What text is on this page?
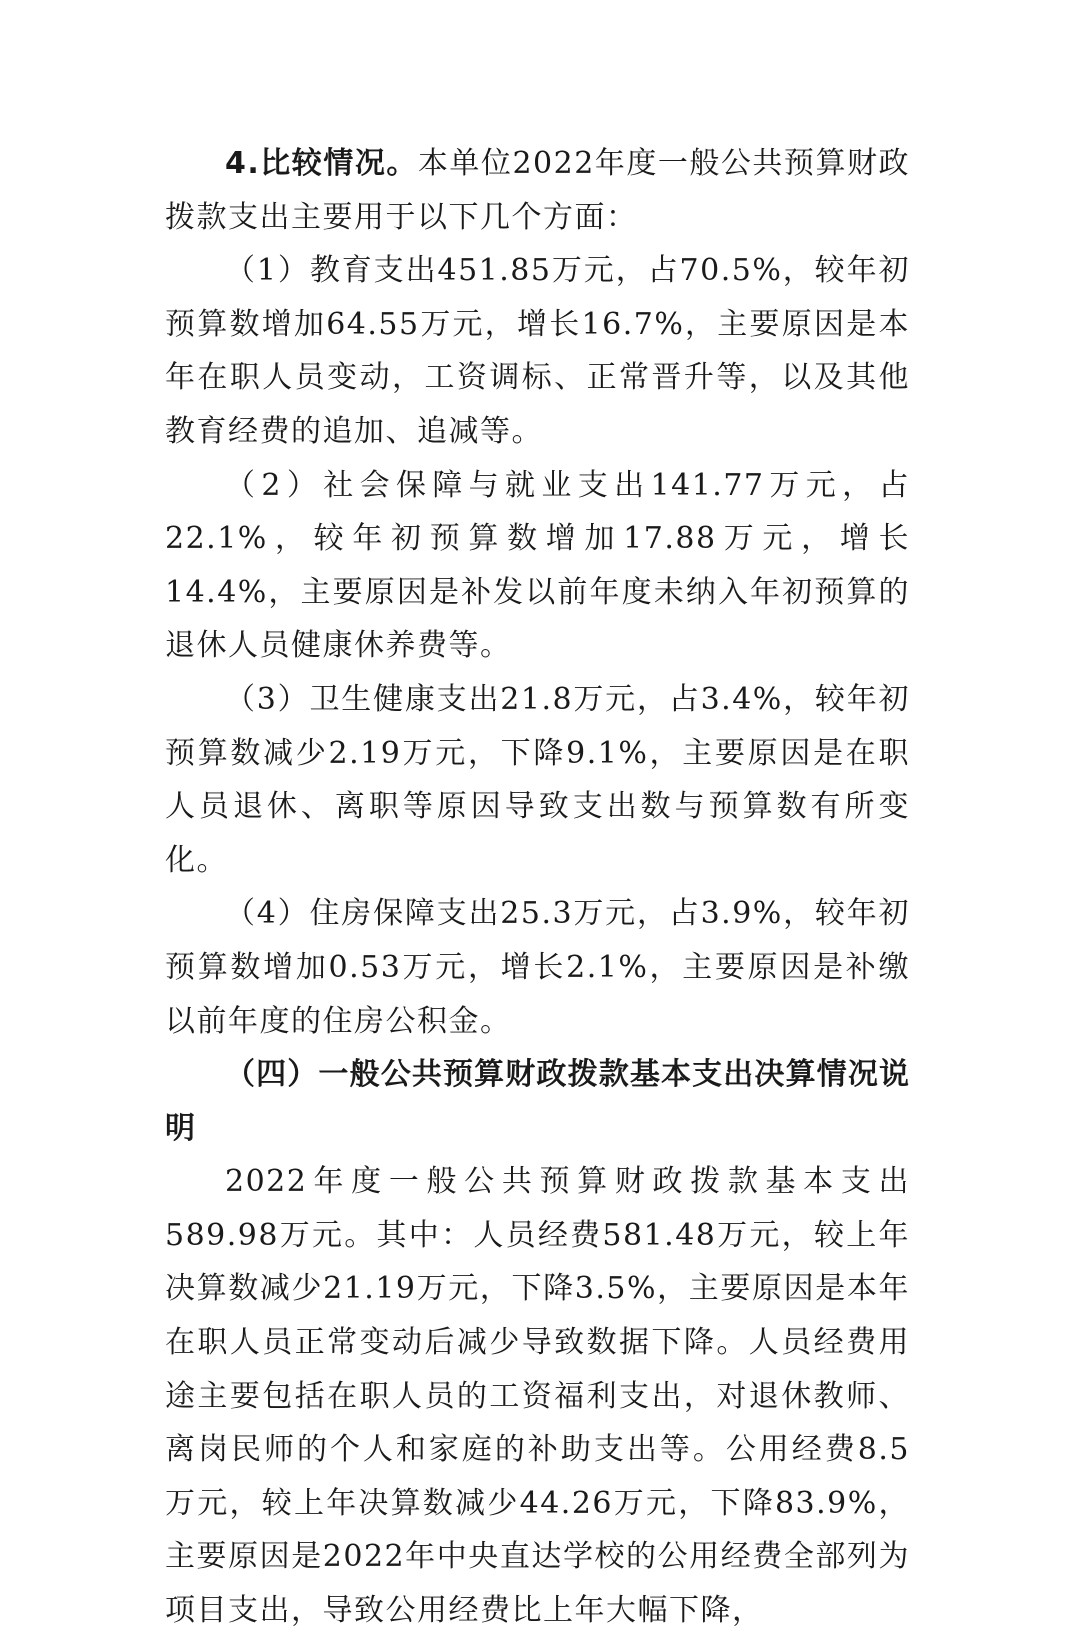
4.比较情况。本单位2022年度一般公共预算财政拨款支出主要用于以下几个方面：

（1）教育支出451.85万元，占70.5%，较年初预算数增加64.55万元，增长16.7%，主要原因是本年在职人员变动，工资调标、正常晋升等，以及其他教育经费的追加、追减等。

（2）社会保障与就业支出141.77万元，占22.1%，较年初预算数增加17.88万元，增长14.4%，主要原因是补发以前年度未纳入年初预算的退休人员健康休养费等。

（3）卫生健康支出21.8万元，占3.4%，较年初预算数减少2.19万元，下降9.1%，主要原因是在职人员退休、离职等原因导致支出数与预算数有所变化。

（4）住房保障支出25.3万元，占3.9%，较年初预算数增加0.53万元，增长2.1%，主要原因是补缴以前年度的住房公积金。

（四）一般公共预算财政拨款基本支出决算情况说明

2022年度一般公共预算财政拨款基本支出589.98万元。其中：人员经费581.48万元，较上年决算数减少21.19万元，下降3.5%，主要原因是本年在职人员正常变动后减少导致数据下降。人员经费用途主要包括在职人员的工资福利支出，对退休教师、离岗民师的个人和家庭的补助支出等。公用经费8.5万元，较上年决算数减少44.26万元，下降83.9%，主要原因是2022年中央直达学校的公用经费全部列为项目支出，导致公用经费比上年大幅下降，
